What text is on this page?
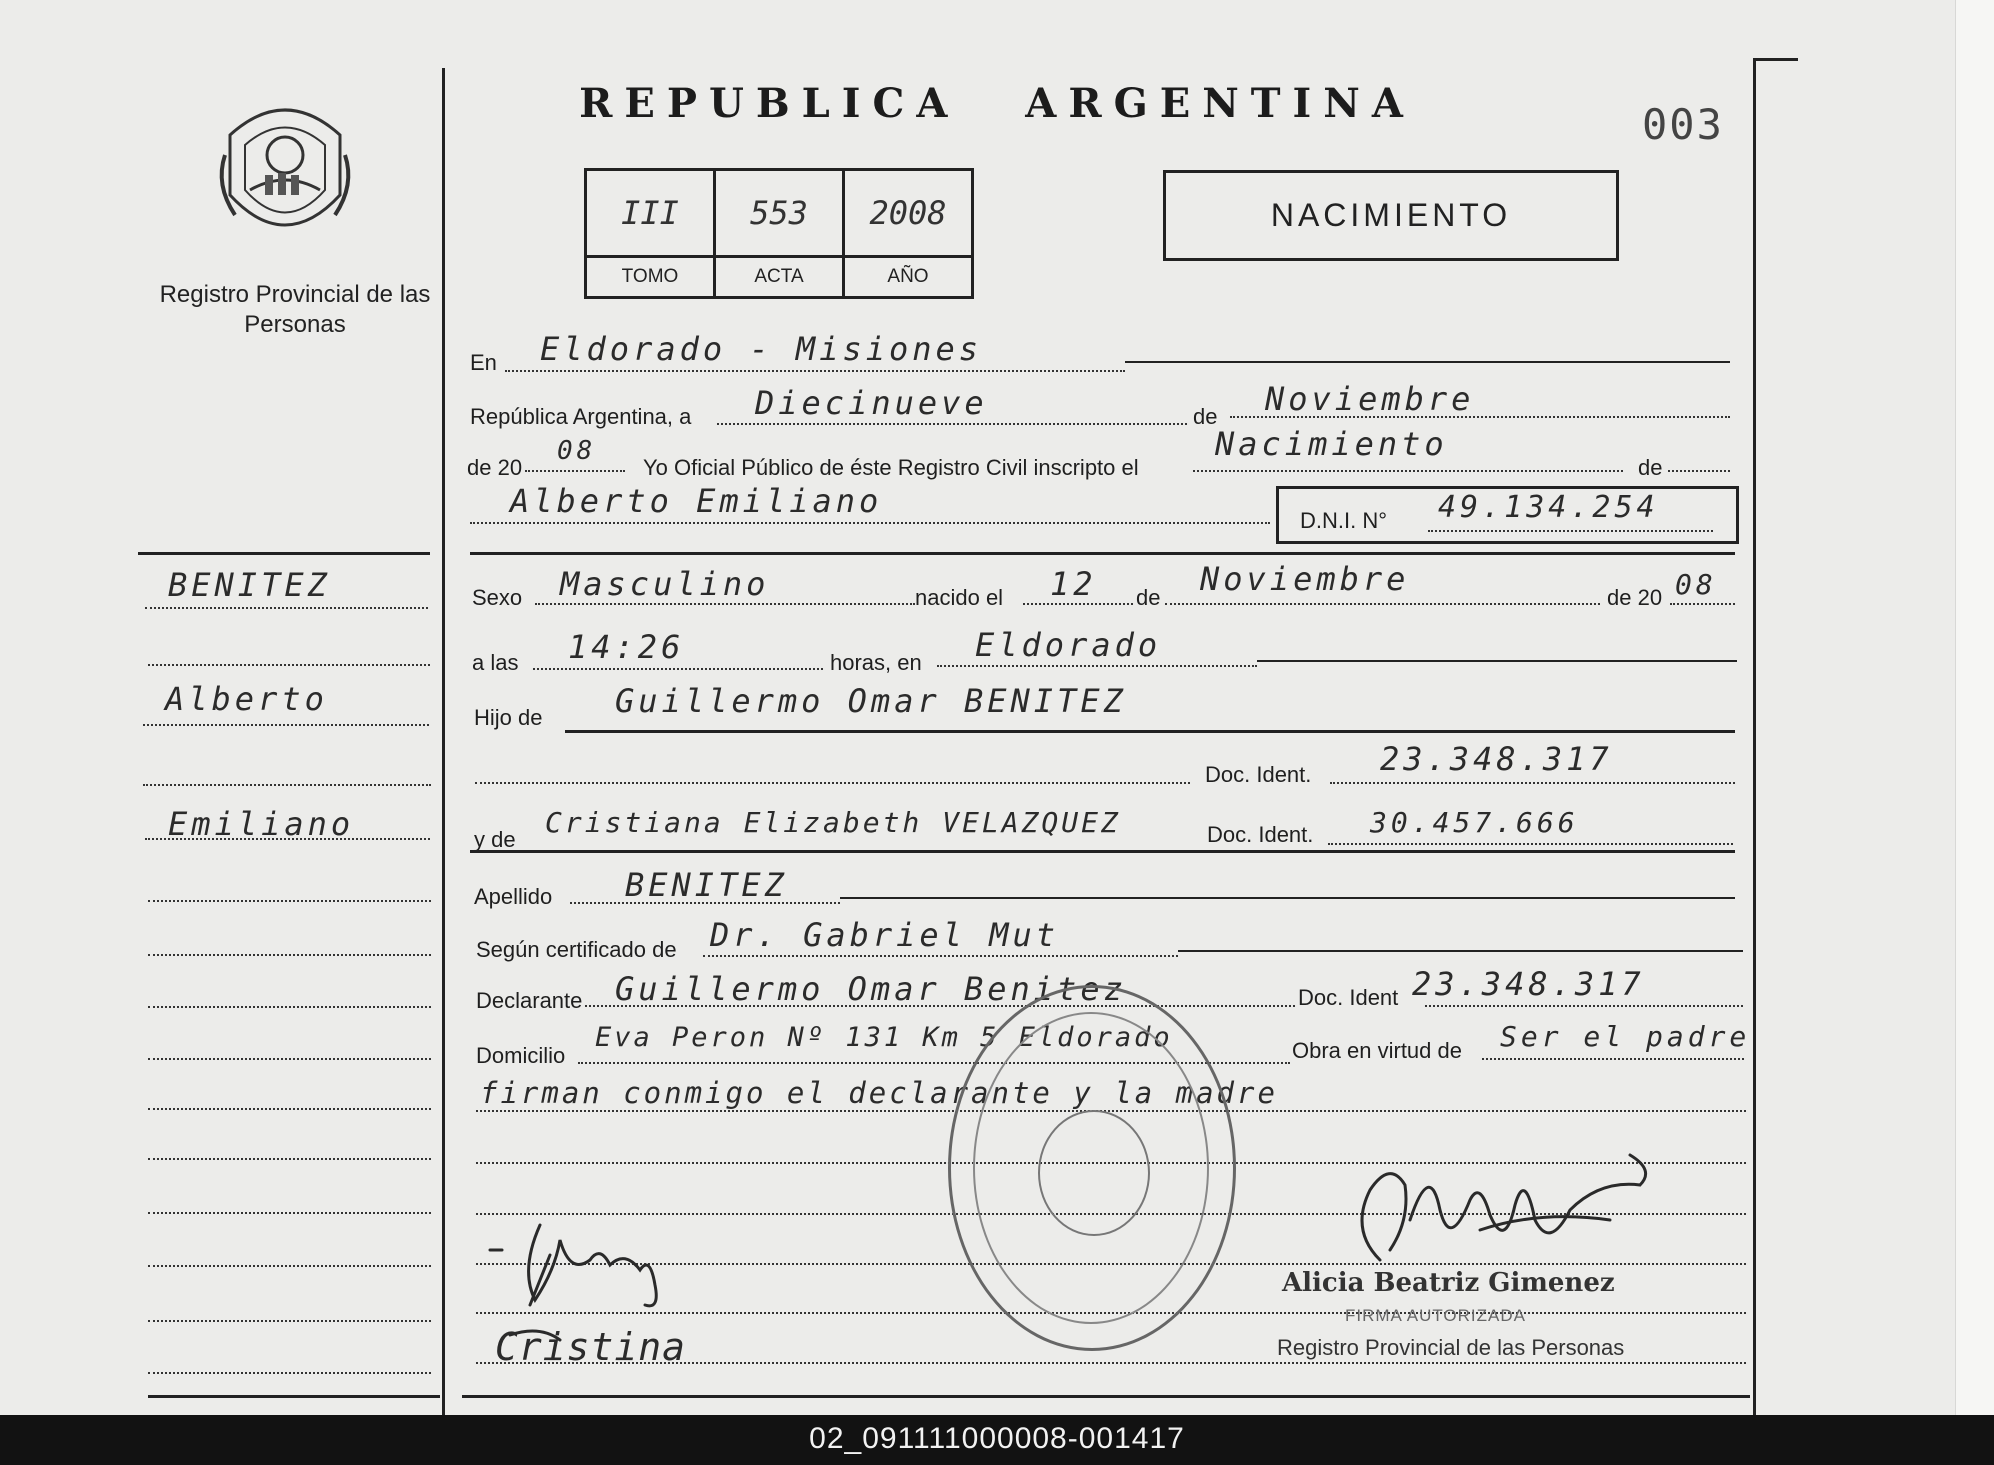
Registro Provincial de las Personas
REPUBLICA ARGENTINA	003
III	553	2008
TOMO	ACTA	AÑO
NACIMIENTO
En Eldorado - Misiones
República Argentina, a Diecinueve	de Noviembre
de 20
08
Yo Oficial Público de éste Registro Civil inscripto el
Nacimiento
de
Alberto Emiliano
D.N.I. N° 49.134.254
Sexo Masculino	nacido el 12 de Noviembre	de 20 08
a las 14:26	horas, en Eldorado
Hijo de Guillermo Omar BENITEZ
Doc. Ident. 23.348.317
y de
Cristiana Elizabeth VELAZQUEZ	Doc. Ident. 30.457.666
Apellido BENITEZ
Según certificado de Dr. Gabriel Mut
Declarante Guillermo Omar Benitez	Doc. Ident 23.348.317
Domicilio
Eva Peron Nº 131 Km 5 Eldorado	Obra en virtud de Ser el padre
firman conmigo el declarante y la madre
BENITEZ
Alberto
Emiliano
Cristina
Alicia Beatriz Gimenez
FIRMA AUTORIZADA
Registro Provincial de las Personas
02_091111000008-001417
